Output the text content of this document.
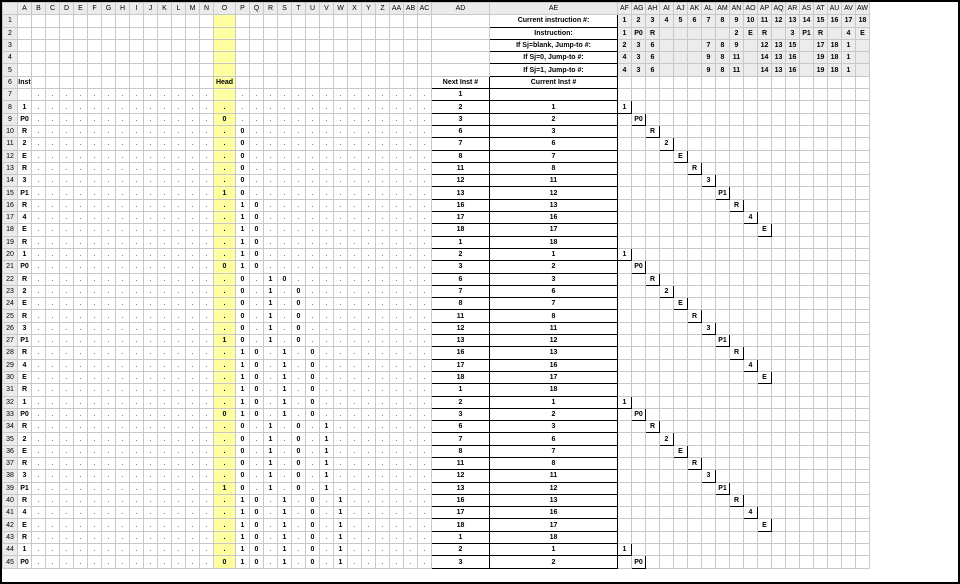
	A	B	C	D	E	F	G	H	I	J	K	L	M	N	O	P	Q	R	S	T	U	V	W	X	Y	Z	AA	AB	AC	AD	AE	AF	AG	AH	AI	AJ	AK	AL	AM	AN	AO	AP	AQ	AR	AS	AT	AU	AV	AW
1																															Current instruction #:	1	2	3	4	5	6	7	8	9	10	11	12	13	14	15	16	17	18
2																															Instruction:	1	P0	R						2	E	R		3	P1	R		4	E
3																															If Sj=blank, Jump-to #:	2	3	6				7	8	9		12	13	15		17	18	1	
4																															If Sj=0, Jump-to #:	4	3	6				9	8	11		14	13	16		19	18	1	
5																															If Sj=1, Jump-to #:	4	3	6				9	8	11		14	13	16		19	18	1	
6	Inst														Head															Next Inst #	Current Inst #																		
7		.	.	.	.	.	.	.	.	.	.	.	.	.		.	.	.	.	.	.	.	.	.	.	.	.	.	.	1																			
8	1	.	.	.	.	.	.	.	.	.	.	.	.	.	.	.	.	.	.	.	.	.	.	.	.	.	.	.	.	2	1	1																	
9	P0	.	.	.	.	.	.	.	.	.	.	.	.	.	0	.	.	.	.	.	.	.	.	.	.	.	.	.	.	3	2		P0																
10	R	.	.	.	.	.	.	.	.	.	.	.	.	.	.	0	.	.	.	.	.	.	.	.	.	.	.	.	.	6	3			R															
11	2	.	.	.	.	.	.	.	.	.	.	.	.	.	.	0	.	.	.	.	.	.	.	.	.	.	.	.	.	7	6				2														
12	E	.	.	.	.	.	.	.	.	.	.	.	.	.	.	0	.	.	.	.	.	.	.	.	.	.	.	.	.	8	7					E													
13	R	.	.	.	.	.	.	.	.	.	.	.	.	.	.	0	.	.	.	.	.	.	.	.	.	.	.	.	.	11	8						R												
14	3	.	.	.	.	.	.	.	.	.	.	.	.	.	.	0	.	.	.	.	.	.	.	.	.	.	.	.	.	12	11							3											
15	P1	.	.	.	.	.	.	.	.	.	.	.	.	.	1	0	.	.	.	.	.	.	.	.	.	.	.	.	.	13	12								P1										
16	R	.	.	.	.	.	.	.	.	.	.	.	.	.	.	1	0	.	.	.	.	.	.	.	.	.	.	.	.	16	13									R									
17	4	.	.	.	.	.	.	.	.	.	.	.	.	.	.	1	0	.	.	.	.	.	.	.	.	.	.	.	.	17	16										4								
18	E	.	.	.	.	.	.	.	.	.	.	.	.	.	.	1	0	.	.	.	.	.	.	.	.	.	.	.	.	18	17											E							
19	R	.	.	.	.	.	.	.	.	.	.	.	.	.	.	1	0	.	.	.	.	.	.	.	.	.	.	.	.	1	18																		
20	1	.	.	.	.	.	.	.	.	.	.	.	.	.	.	1	0	.	.	.	.	.	.	.	.	.	.	.	.	2	1	1																	
21	P0	.	.	.	.	.	.	.	.	.	.	.	.	.	0	1	0	.	.	.	.	.	.	.	.	.	.	.	.	3	2		P0																
22	R	.	.	.	.	.	.	.	.	.	.	.	.	.	.	0	.	1	0	.	.	.	.	.	.	.	.	.	.	6	3			R															
23	2	.	.	.	.	.	.	.	.	.	.	.	.	.	.	0	.	1	.	0	.	.	.	.	.	.	.	.	.	7	6				2														
24	E	.	.	.	.	.	.	.	.	.	.	.	.	.	.	0	.	1	.	0	.	.	.	.	.	.	.	.	.	8	7					E													
25	R	.	.	.	.	.	.	.	.	.	.	.	.	.	.	0	.	1	.	0	.	.	.	.	.	.	.	.	.	11	8						R												
26	3	.	.	.	.	.	.	.	.	.	.	.	.	.	.	0	.	1	.	0	.	.	.	.	.	.	.	.	.	12	11							3											
27	P1	.	.	.	.	.	.	.	.	.	.	.	.	.	1	0	.	1	.	0	.	.	.	.	.	.	.	.	.	13	12								P1										
28	R	.	.	.	.	.	.	.	.	.	.	.	.	.	.	1	0	.	1	.	0	.	.	.	.	.	.	.	.	16	13									R									
29	4	.	.	.	.	.	.	.	.	.	.	.	.	.	.	1	0	.	1	.	0	.	.	.	.	.	.	.	.	17	16										4								
30	E	.	.	.	.	.	.	.	.	.	.	.	.	.	.	1	0	.	1	.	0	.	.	.	.	.	.	.	.	18	17											E							
31	R	.	.	.	.	.	.	.	.	.	.	.	.	.	.	1	0	.	1	.	0	.	.	.	.	.	.	.	.	1	18																		
32	1	.	.	.	.	.	.	.	.	.	.	.	.	.	.	1	0	.	1	.	0	.	.	.	.	.	.	.	.	2	1	1																	
33	P0	.	.	.	.	.	.	.	.	.	.	.	.	.	0	1	0	.	1	.	0	.	.	.	.	.	.	.	.	3	2		P0																
34	R	.	.	.	.	.	.	.	.	.	.	.	.	.	.	0	.	1	.	0	.	1	.	.	.	.	.	.	.	6	3			R															
35	2	.	.	.	.	.	.	.	.	.	.	.	.	.	.	0	.	1	.	0	.	1	.	.	.	.	.	.	.	7	6				2														
36	E	.	.	.	.	.	.	.	.	.	.	.	.	.	.	0	.	1	.	0	.	1	.	.	.	.	.	.	.	8	7					E													
37	R	.	.	.	.	.	.	.	.	.	.	.	.	.	.	0	.	1	.	0	.	1	.	.	.	.	.	.	.	11	8						R												
38	3	.	.	.	.	.	.	.	.	.	.	.	.	.	.	0	.	1	.	0	.	1	.	.	.	.	.	.	.	12	11							3											
39	P1	.	.	.	.	.	.	.	.	.	.	.	.	.	1	0	.	1	.	0	.	1	.	.	.	.	.	.	.	13	12								P1										
40	R	.	.	.	.	.	.	.	.	.	.	.	.	.	.	1	0	.	1	.	0	.	1	.	.	.	.	.	.	16	13									R									
41	4	.	.	.	.	.	.	.	.	.	.	.	.	.	.	1	0	.	1	.	0	.	1	.	.	.	.	.	.	17	16										4								
42	E	.	.	.	.	.	.	.	.	.	.	.	.	.	.	1	0	.	1	.	0	.	1	.	.	.	.	.	.	18	17											E							
43	R	.	.	.	.	.	.	.	.	.	.	.	.	.	.	1	0	.	1	.	0	.	1	.	.	.	.	.	.	1	18																		
44	1	.	.	.	.	.	.	.	.	.	.	.	.	.	.	1	0	.	1	.	0	.	1	.	.	.	.	.	.	2	1	1																	
45	P0	.	.	.	.	.	.	.	.	.	.	.	.	.	0	1	0	.	1	.	0	.	1	.	.	.	.	.	.	3	2		P0																
